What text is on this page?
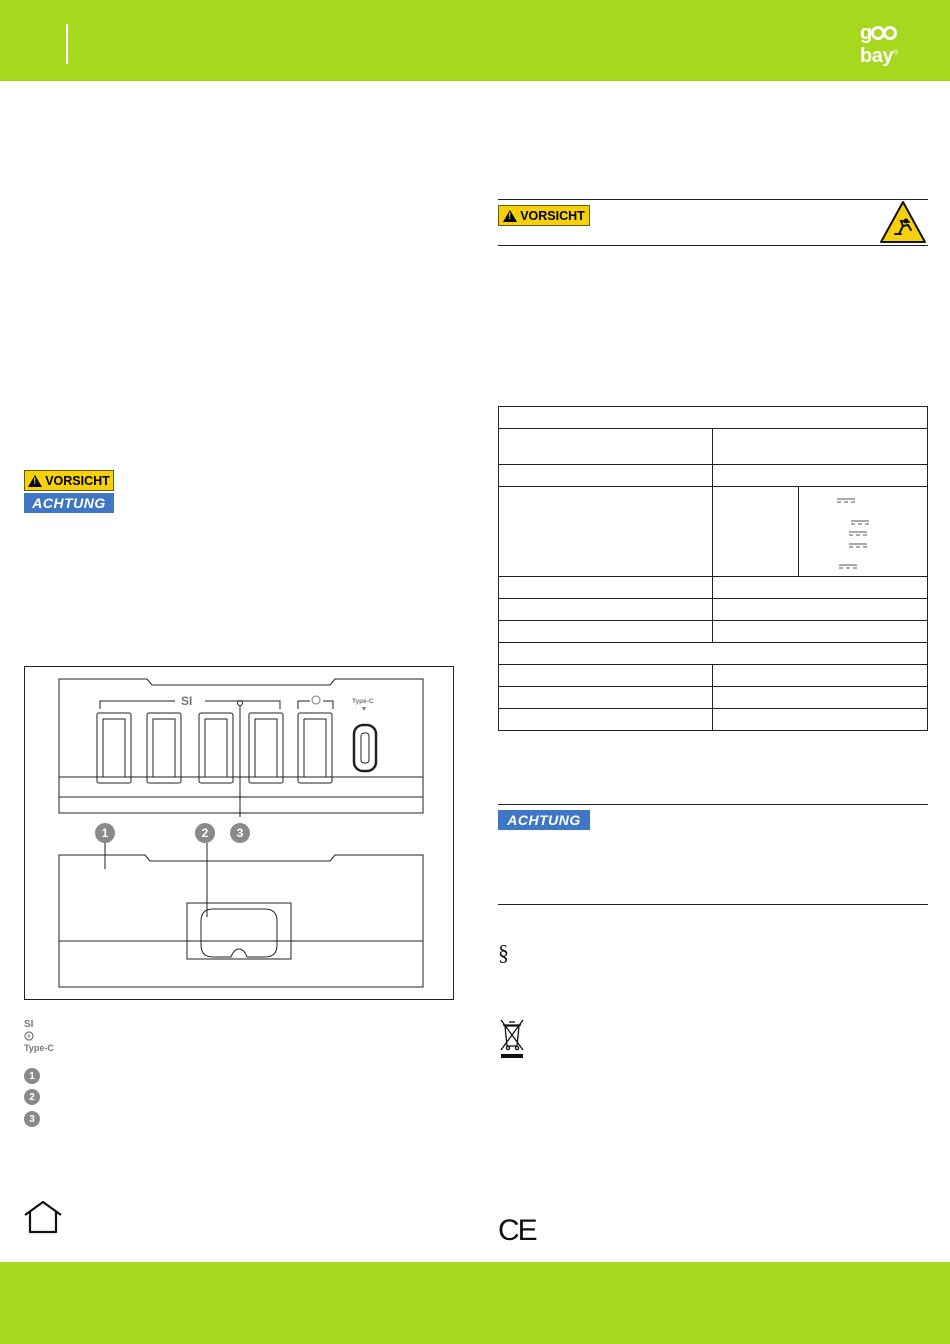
gbay®
!
VORSICHT
ACHTUNG
SI	Type-C
1	2	3
SI
Type-C
1
2
3
!
VORSICHT

ACHTUNG
§
CE
